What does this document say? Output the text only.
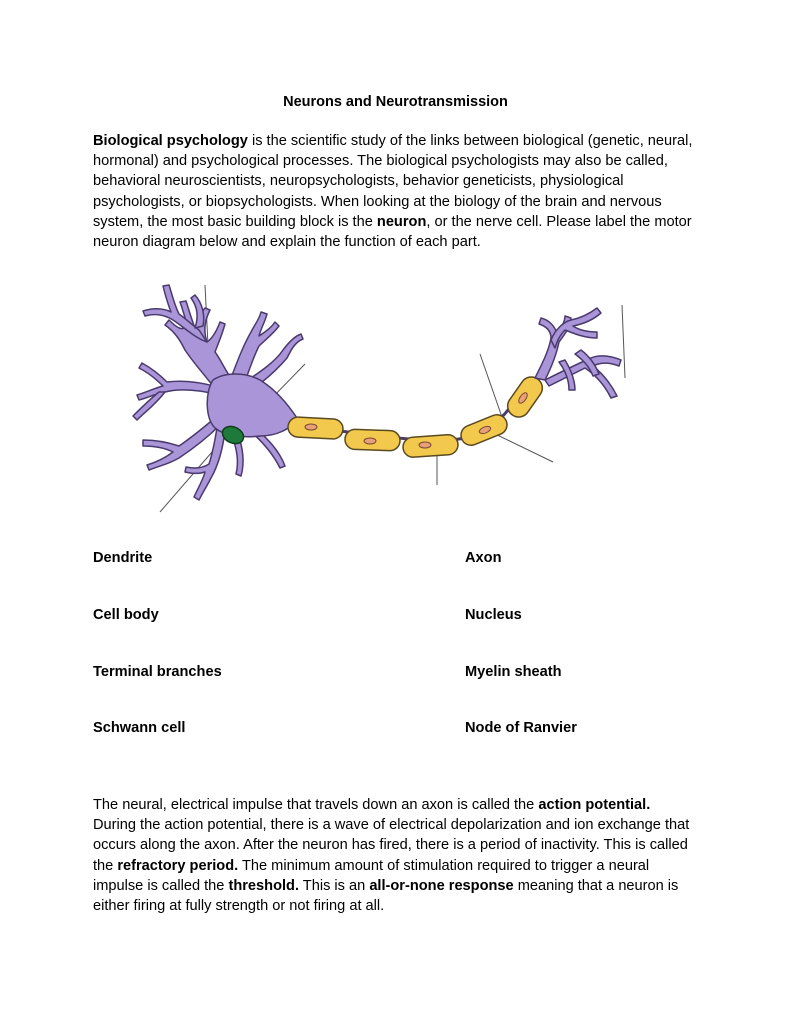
Neurons and Neurotransmission
Biological psychology is the scientific study of the links between biological (genetic, neural, hormonal) and psychological processes. The biological psychologists may also be called, behavioral neuroscientists, neuropsychologists, behavior geneticists, physiological psychologists, or biopsychologists. When looking at the biology of the brain and nervous system, the most basic building block is the neuron, or the nerve cell. Please label the motor neuron diagram below and explain the function of each part.
Dendrite	Axon
Cell body	Nucleus
Terminal branches	Myelin sheath
Schwann cell	Node of Ranvier
The neural, electrical impulse that travels down an axon is called the action potential. During the action potential, there is a wave of electrical depolarization and ion exchange that occurs along the axon. After the neuron has fired, there is a period of inactivity. This is called the refractory period. The minimum amount of stimulation required to trigger a neural impulse is called the threshold. This is an all-or-none response meaning that a neuron is either firing at fully strength or not firing at all.
